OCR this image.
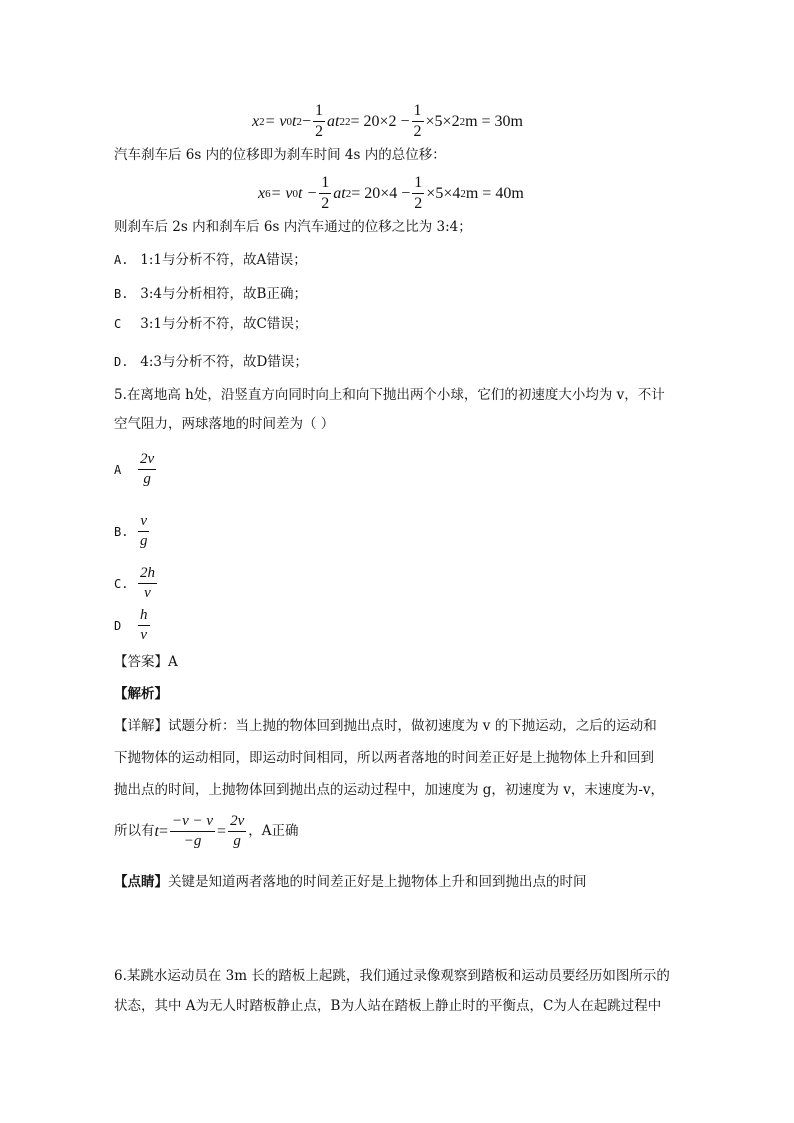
x 2 = v 0 t $2 - \frac{1}{2}$ at 2 $2 = 20\times 2 - \frac{1}{2} \times 5\times 2$ 2 m = 30m
汽车刹车后 6s 内的位移即为刹车时间 4s 内的总位移：
x 6 = v 0 $t - \frac{1}{2}$ at $2 = 20\times 4 - \frac{1}{2} \times 5\times 4$ 2 m = 40m
则刹车后 2s 内和刹车后 6s 内汽车通过的位移之比为 3:4；
A. 1:1与分析不符，故A错误；
B. 3:4与分析相符，故B正确；
C 3:1与分析不符，故C错误；
D. 4:3与分析不符，故D错误；
5.在离地高 h处，沿竖直方向同时向上和向下抛出两个小球，它们的初速度大小均为 v，不计
空气阻力，两球落地的时间差为（ ）
A	$\frac{2v}{g}$
B. $\frac{v}{g}$
C. $\frac{2h}{v}$
D	$\frac{h}{v}$
【答案】A
【解析】
【详解】试题分析：当上抛的物体回到抛出点时，做初速度为 v 的下抛运动，之后的运动和
下抛物体的运动相同，即运动时间相同，所以两者落地的时间差正好是上抛物体上升和回到
抛出点的时间，上抛物体回到抛出点的运动过程中，加速度为 g，初速度为 v，末速度为-v，
所以有 $t = \frac{-v - v}{-g} = \frac{2v}{g}$ ，A正确
【点睛】关键是知道两者落地的时间差正好是上抛物体上升和回到抛出点的时间
6.某跳水运动员在 3m 长的踏板上起跳，我们通过录像观察到踏板和运动员要经历如图所示的
状态，其中 A为无人时踏板静止点，B为人站在踏板上静止时的平衡点，C为人在起跳过程中
